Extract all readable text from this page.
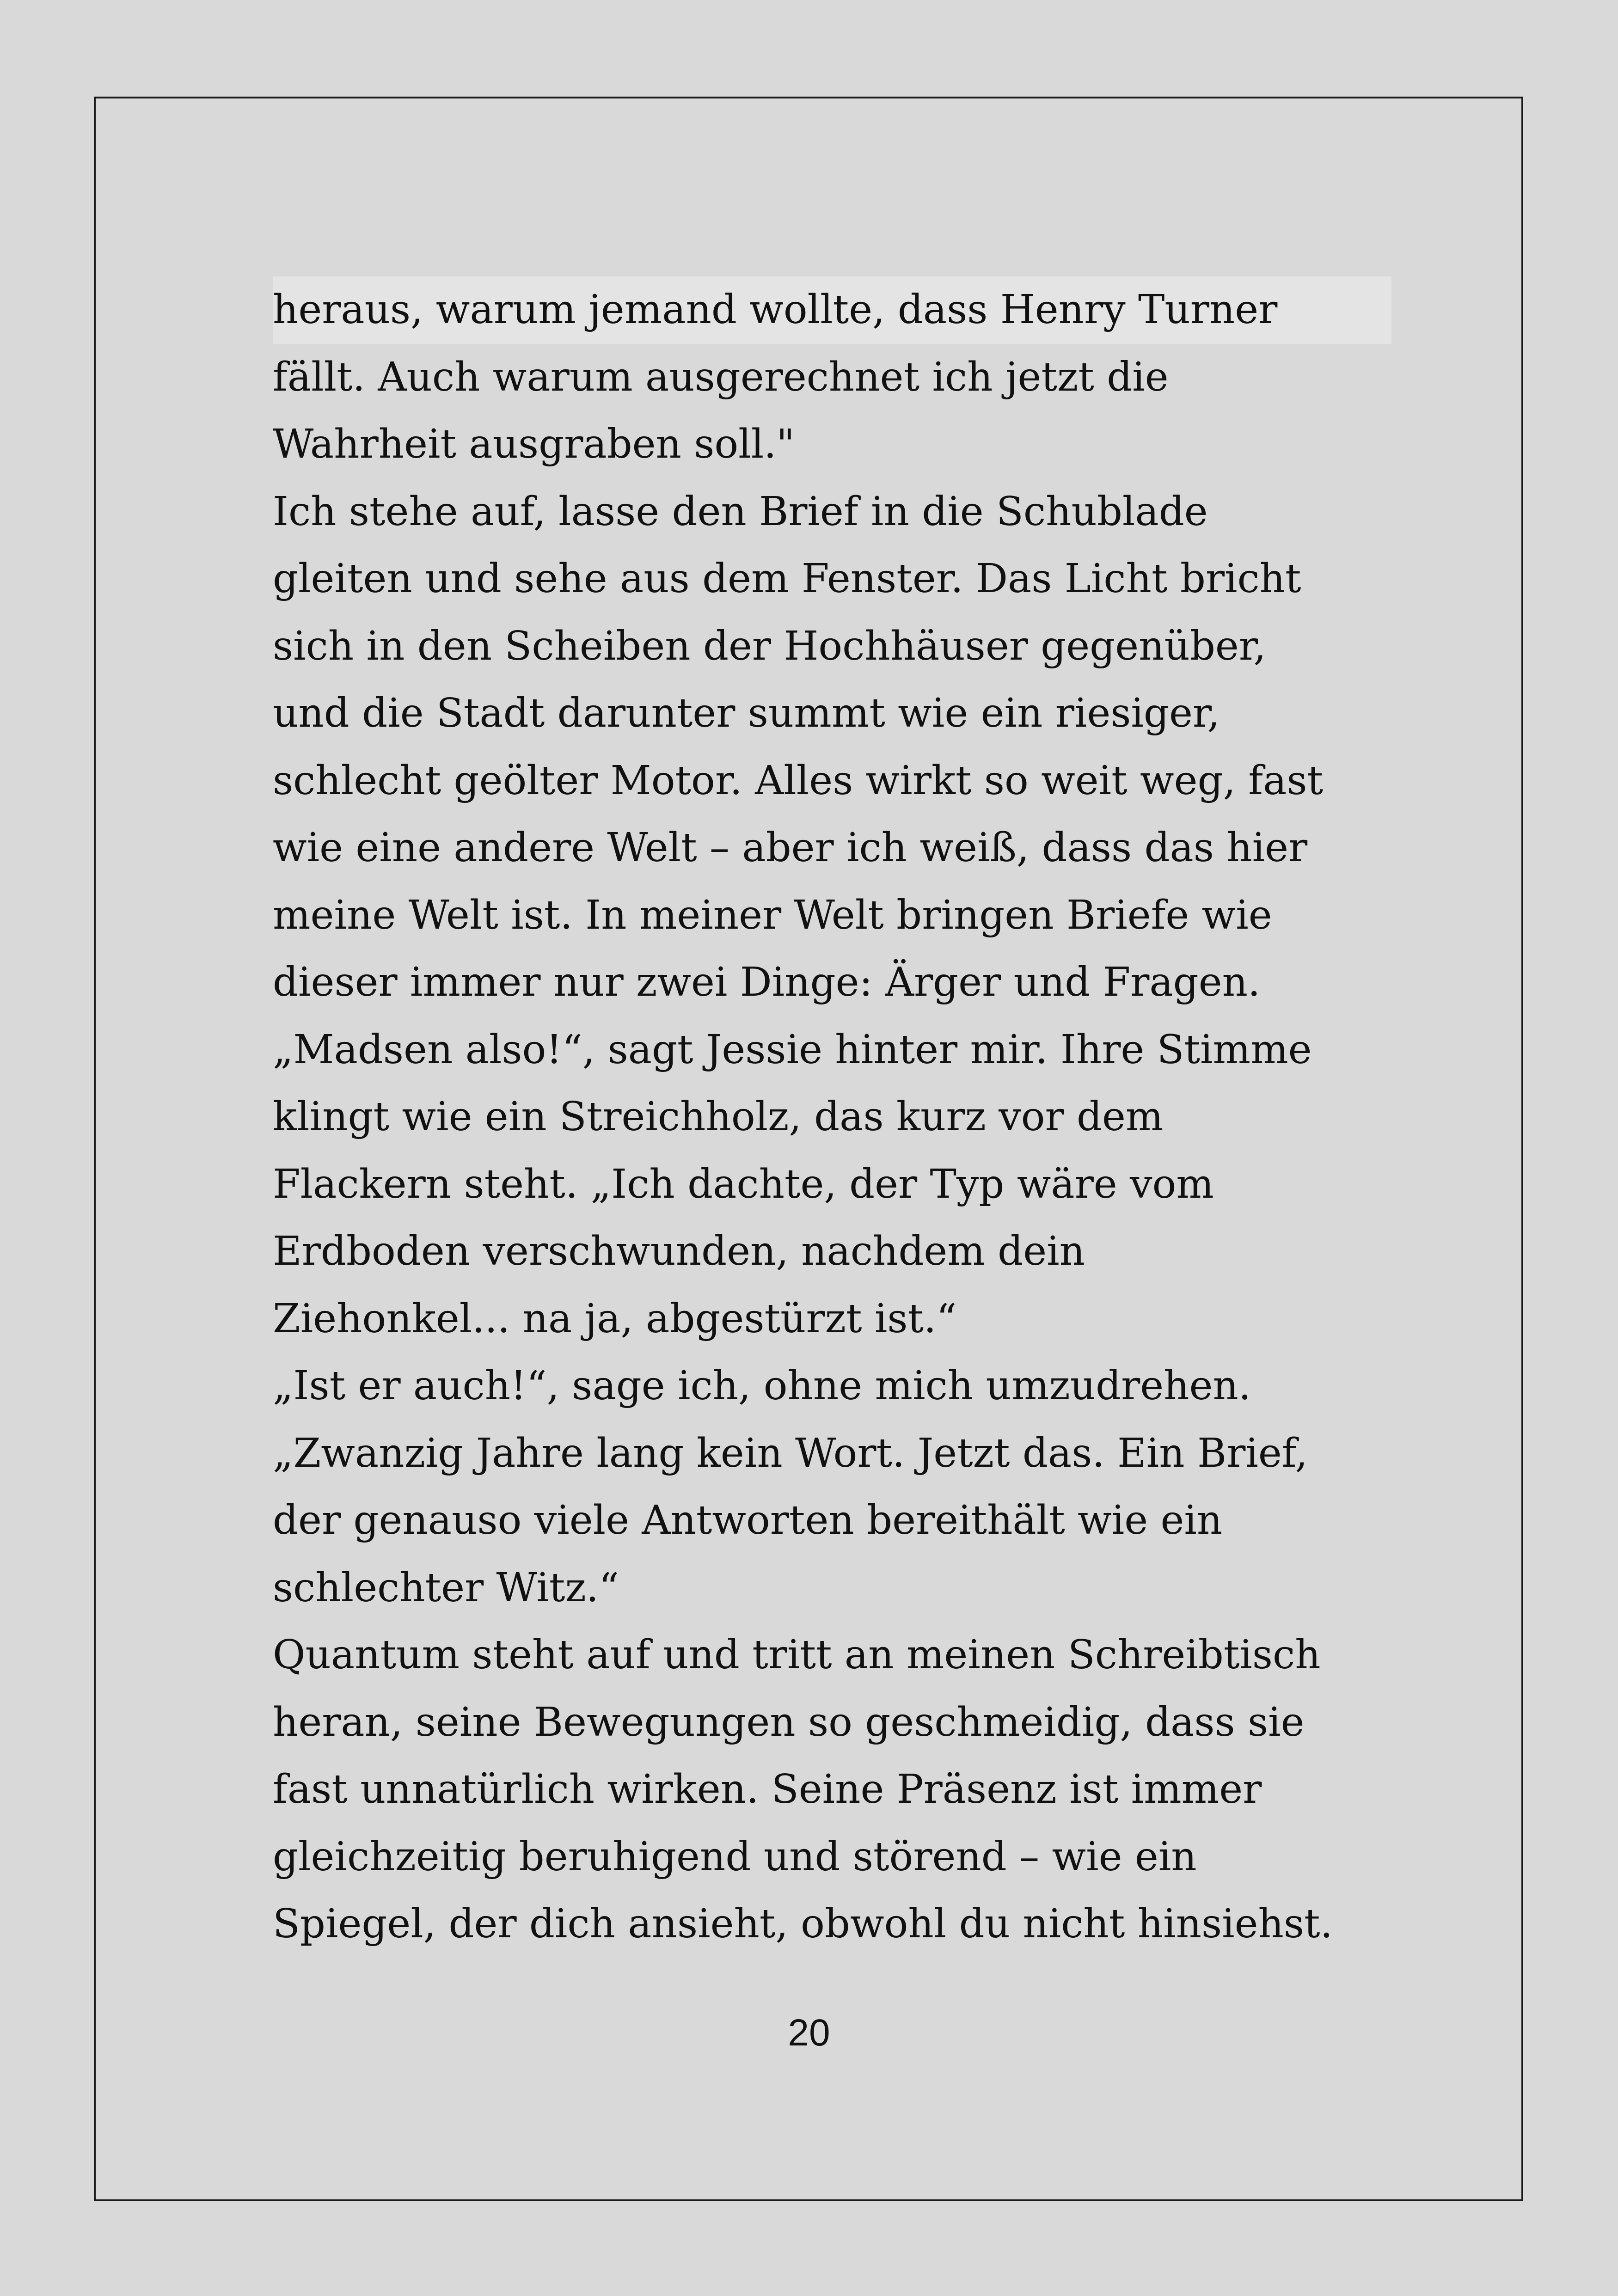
heraus, warum jemand wollte, dass Henry Turner
fällt. Auch warum ausgerechnet ich jetzt die
Wahrheit ausgraben soll."
Ich stehe auf, lasse den Brief in die Schublade
gleiten und sehe aus dem Fenster. Das Licht bricht
sich in den Scheiben der Hochhäuser gegenüber,
und die Stadt darunter summt wie ein riesiger,
schlecht geölter Motor. Alles wirkt so weit weg, fast
wie eine andere Welt – aber ich weiß, dass das hier
meine Welt ist. In meiner Welt bringen Briefe wie
dieser immer nur zwei Dinge: Ärger und Fragen.
„Madsen also!“, sagt Jessie hinter mir. Ihre Stimme
klingt wie ein Streichholz, das kurz vor dem
Flackern steht. „Ich dachte, der Typ wäre vom
Erdboden verschwunden, nachdem dein
Ziehonkel... na ja, abgestürzt ist.“
„Ist er auch!“, sage ich, ohne mich umzudrehen.
„Zwanzig Jahre lang kein Wort. Jetzt das. Ein Brief,
der genauso viele Antworten bereithält wie ein
schlechter Witz.“
Quantum steht auf und tritt an meinen Schreibtisch
heran, seine Bewegungen so geschmeidig, dass sie
fast unnatürlich wirken. Seine Präsenz ist immer
gleichzeitig beruhigend und störend – wie ein
Spiegel, der dich ansieht, obwohl du nicht hinsiehst.
20
